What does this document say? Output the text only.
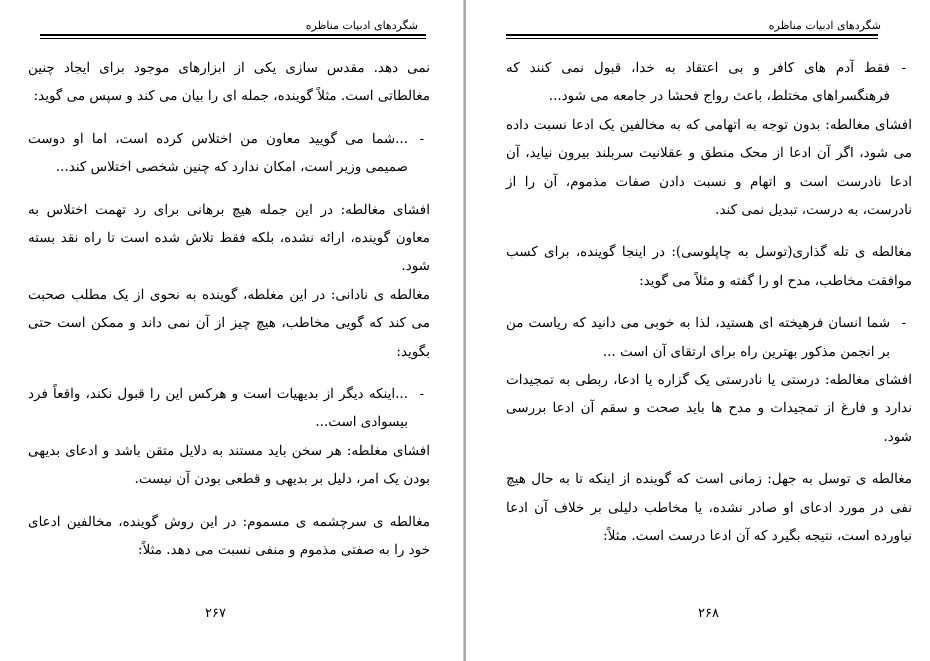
شگردهای ادبیات مناظره

نمی دهد. مقدس سازی یکی از ابزارهای موجود برای ایجاد چنین مغالطاتی است. مثلاً گوینده، جمله ای را بیان می کند و سپس می گوید:

-
...شما می گویید معاون من اختلاس کرده است، اما او دوست صمیمی وزیر است، امکان ندارد که چنین شخصی اختلاس کند...

افشای مغالطه: در این جمله هیچ برهانی برای رد تهمت اختلاس به معاون گوینده، ارائه نشده، بلکه فقط تلاش شده است تا راه نقد بسته شود.

مغالطه ی نادانی: در این مغلطه، گوینده به نحوی از یک مطلب صحبت می کند که گویی مخاطب، هیچ چیز از آن نمی داند و ممکن است حتی بگوید:

-
...اینکه دیگر از بدیهیات است و هرکس این را قبول نکند، واقعاً فرد بیسوادی است...

افشای مغلطه: هر سخن باید مستند به دلایل متقن باشد و ادعای بدیهی بودن یک امر، دلیل بر بدیهی و قطعی بودن آن نیست.

مغالطه ی سرچشمه ی مسموم: در این روش گوینده، مخالفین ادعای خود را به صفتی مذموم و منفی نسبت می دهد. مثلاً:

۲۶۷
شگردهای ادبیات مناظره

-
فقط آدم های کافر و بی اعتقاد به خدا، قبول نمی کنند که فرهنگسراهای مختلط، باعث رواج فحشا در جامعه می شود...

افشای مغالطه: بدون توجه به اتهامی که به مخالفین یک ادعا نسبت داده می شود، اگر آن ادعا از محک منطق و عقلانیت سربلند بیرون نیاید، آن ادعا نادرست است و اتهام و نسبت دادن صفات مذموم، آن را از نادرست، به درست، تبدیل نمی کند.

مغالطه ی تله گذاری(توسل به چاپلوسی): در اینجا گوینده، برای کسب موافقت مخاطب، مدح او را گفته و مثلاً می گوید:

-
شما انسان فرهیخته ای هستید، لذا به خوبی می دانید که ریاست من بر انجمن مذکور بهترین راه برای ارتقای آن است ...

افشای مغالطه: درستی یا نادرستی یک گزاره یا ادعا، ربطی به تمجیدات ندارد و فارغ از تمجیدات و مدح ها باید صحت و سقم آن ادعا بررسی شود.

مغالطه ی توسل به جهل: زمانی است که گوینده از اینکه تا به حال هیچ نفی در مورد ادعای او صادر نشده، یا مخاطب دلیلی بر خلاف آن ادعا نیاورده است، نتیجه بگیرد که آن ادعا درست است. مثلاً:

۲۶۸
